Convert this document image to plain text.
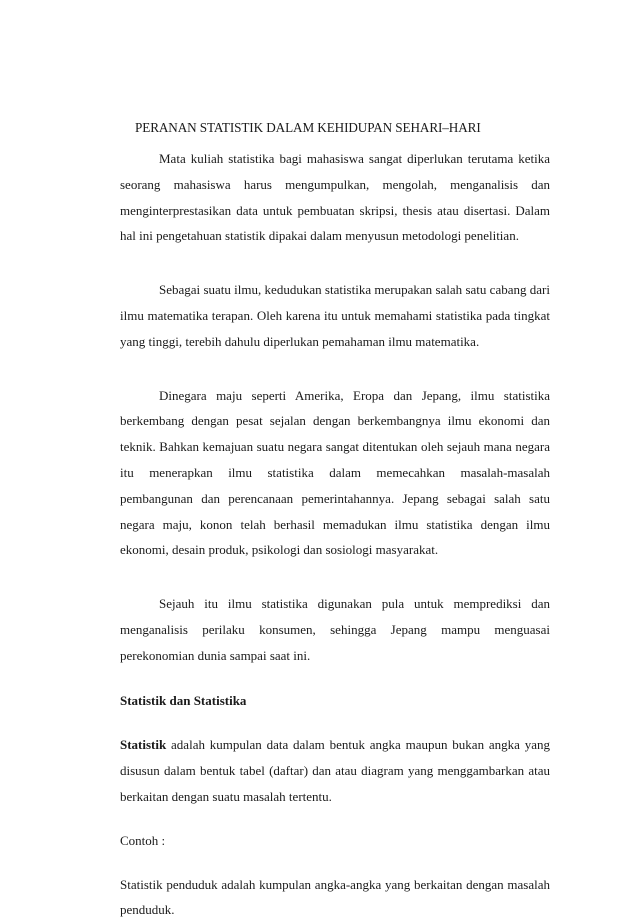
PERANAN STATISTIK DALAM KEHIDUPAN SEHARI–HARI

Mata kuliah statistika bagi mahasiswa sangat diperlukan terutama ketika seorang mahasiswa harus mengumpulkan, mengolah, menganalisis dan menginterprestasikan data untuk pembuatan skripsi, thesis atau disertasi. Dalam hal ini pengetahuan statistik dipakai dalam menyusun metodologi penelitian.

Sebagai suatu ilmu, kedudukan statistika merupakan salah satu cabang dari ilmu matematika terapan. Oleh karena itu untuk memahami statistika pada tingkat yang tinggi, terebih dahulu diperlukan pemahaman ilmu matematika.

Dinegara maju seperti Amerika, Eropa dan Jepang, ilmu statistika berkembang dengan pesat sejalan dengan berkembangnya ilmu ekonomi dan teknik. Bahkan kemajuan suatu negara sangat ditentukan oleh sejauh mana negara itu menerapkan ilmu statistika dalam memecahkan masalah-masalah pembangunan dan perencanaan pemerintahannya. Jepang sebagai salah satu negara maju, konon telah berhasil memadukan ilmu statistika dengan ilmu ekonomi, desain produk, psikologi dan sosiologi masyarakat.

Sejauh itu ilmu statistika digunakan pula untuk memprediksi dan menganalisis perilaku konsumen, sehingga Jepang mampu menguasai perekonomian dunia sampai saat ini.

Statistik dan Statistika

Statistik adalah kumpulan data dalam bentuk angka maupun bukan angka yang disusun dalam bentuk tabel (daftar) dan atau diagram yang menggambarkan atau berkaitan dengan suatu masalah tertentu.

Contoh :

Statistik penduduk adalah kumpulan angka-angka yang berkaitan dengan masalah penduduk.
